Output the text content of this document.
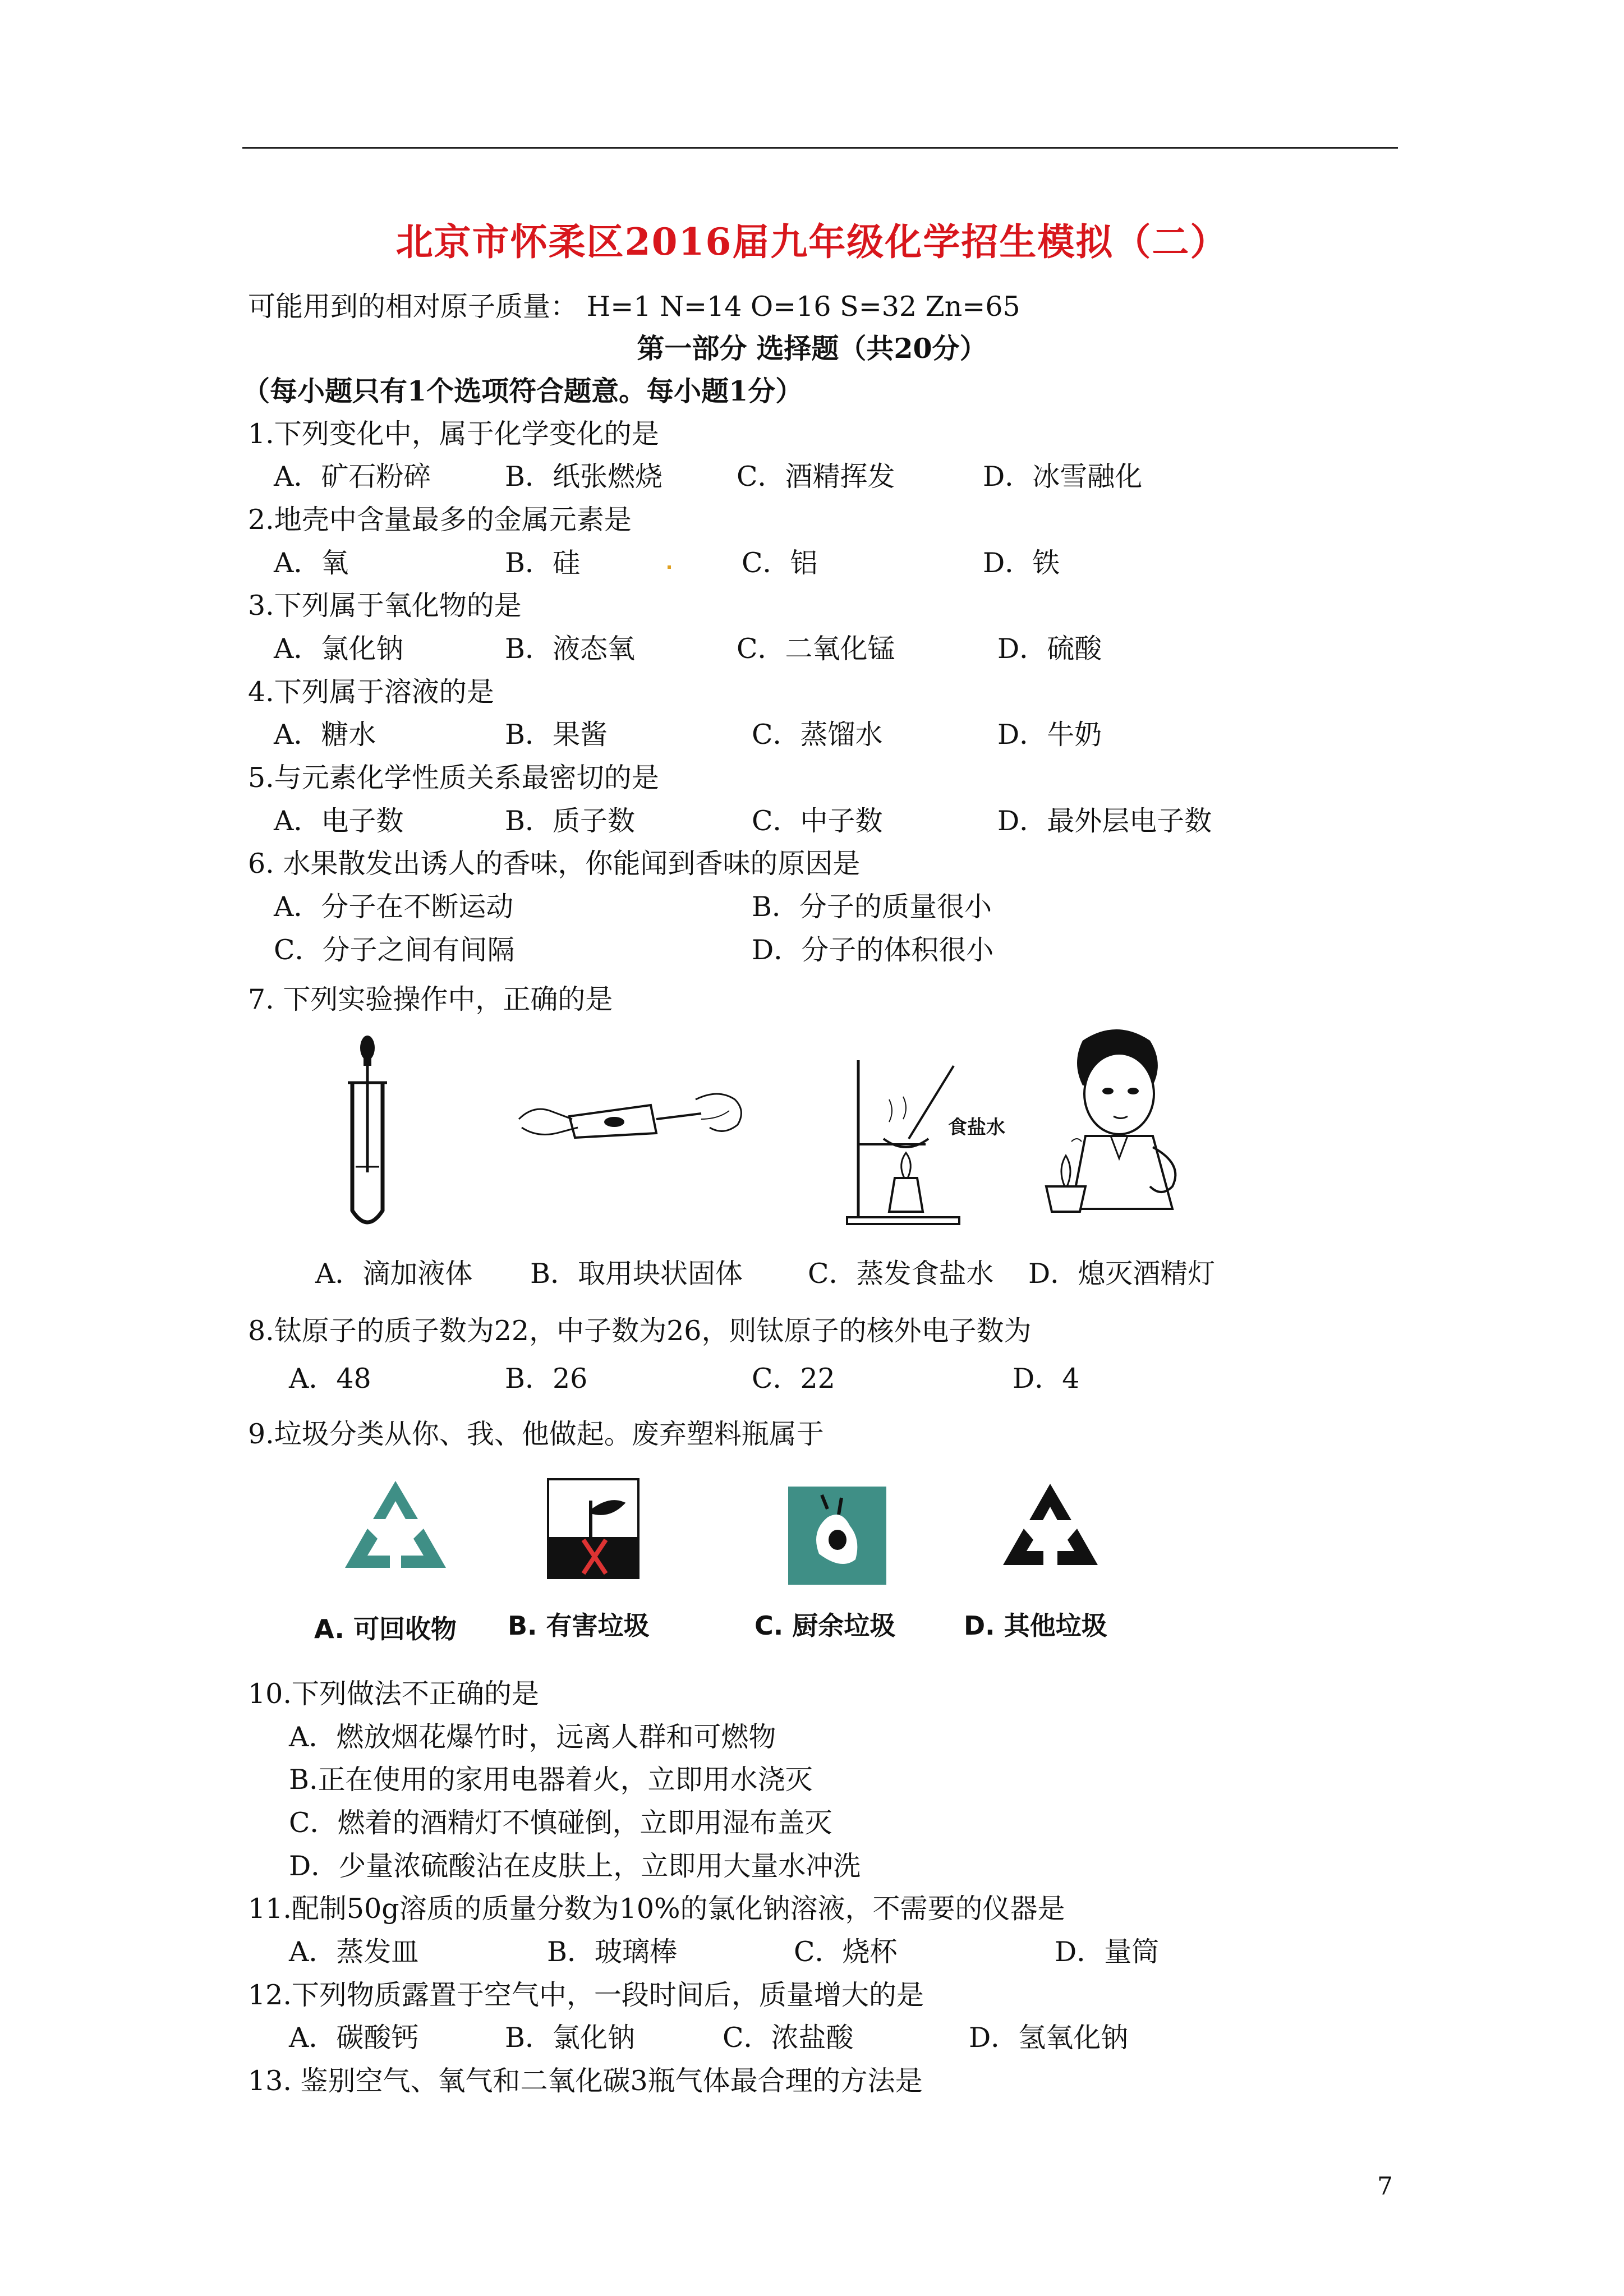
北京市怀柔区2016届九年级化学招生模拟（二）
可能用到的相对原子质量： H=1 N=14 O=16 S=32 Zn=65
第一部分 选择题（共20分）
（每小题只有1个选项符合题意。每小题1分）
1.下列变化中，属于化学变化的是
A．矿石粉碎	B．纸张燃烧	C．酒精挥发	D．冰雪融化
2.地壳中含量最多的金属元素是
A．氧	B．硅	C．铝	D．铁
3.下列属于氧化物的是
A．氯化钠	B．液态氧	C．二氧化锰	D．硫酸
4.下列属于溶液的是
A．糖水	B．果酱	C．蒸馏水	D．牛奶
5.与元素化学性质关系最密切的是
A．电子数	B．质子数	C．中子数	D．最外层电子数
6. 水果散发出诱人的香味，你能闻到香味的原因是
A．分子在不断运动	B．分子的质量很小
C．分子之间有间隔	D．分子的体积很小
7. 下列实验操作中，正确的是
食盐水
A．滴加液体 B．取用块状固体 C．蒸发食盐水 D．熄灭酒精灯
8.钛原子的质子数为22，中子数为26，则钛原子的核外电子数为
A．48	B．26	C．22	D．4
9.垃圾分类从你、我、他做起。废弃塑料瓶属于
A. 可回收物 B. 有害垃圾	C. 厨余垃圾	D. 其他垃圾
10.下列做法不正确的是
A．燃放烟花爆竹时，远离人群和可燃物
B.正在使用的家用电器着火，立即用水浇灭
C．燃着的酒精灯不慎碰倒，立即用湿布盖灭
D．少量浓硫酸沾在皮肤上，立即用大量水冲洗
11.配制50g溶质的质量分数为10%的氯化钠溶液，不需要的仪器是
A．蒸发皿	B．玻璃棒	C．烧杯	D．量筒
12.下列物质露置于空气中，一段时间后，质量增大的是
A．碳酸钙	B．氯化钠	C．浓盐酸	D．氢氧化钠
13. 鉴别空气、氧气和二氧化碳3瓶气体最合理的方法是
7
